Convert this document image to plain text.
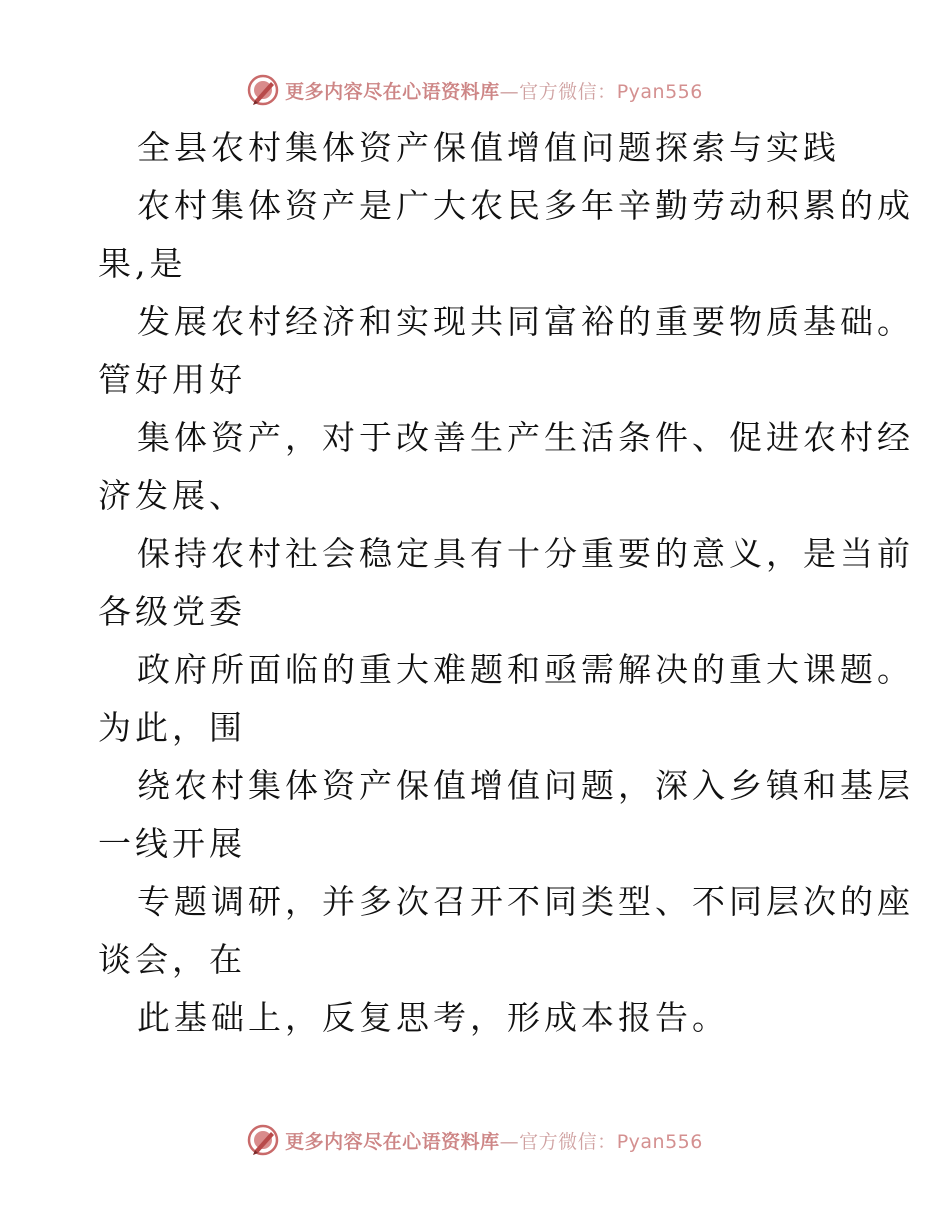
更多内容尽在心语资料库—官方微信：Pyan556
全县农村集体资产保值增值问题探索与实践
农村集体资产是广大农民多年辛勤劳动积累的成
果,是
发展农村经济和实现共同富裕的重要物质基础。
管好用好
集体资产，对于改善生产生活条件、促进农村经
济发展、
保持农村社会稳定具有十分重要的意义，是当前
各级党委
政府所面临的重大难题和亟需解决的重大课题。
为此，围
绕农村集体资产保值增值问题，深入乡镇和基层
一线开展
专题调研，并多次召开不同类型、不同层次的座
谈会，在
此基础上，反复思考，形成本报告。
更多内容尽在心语资料库—官方微信：Pyan556
